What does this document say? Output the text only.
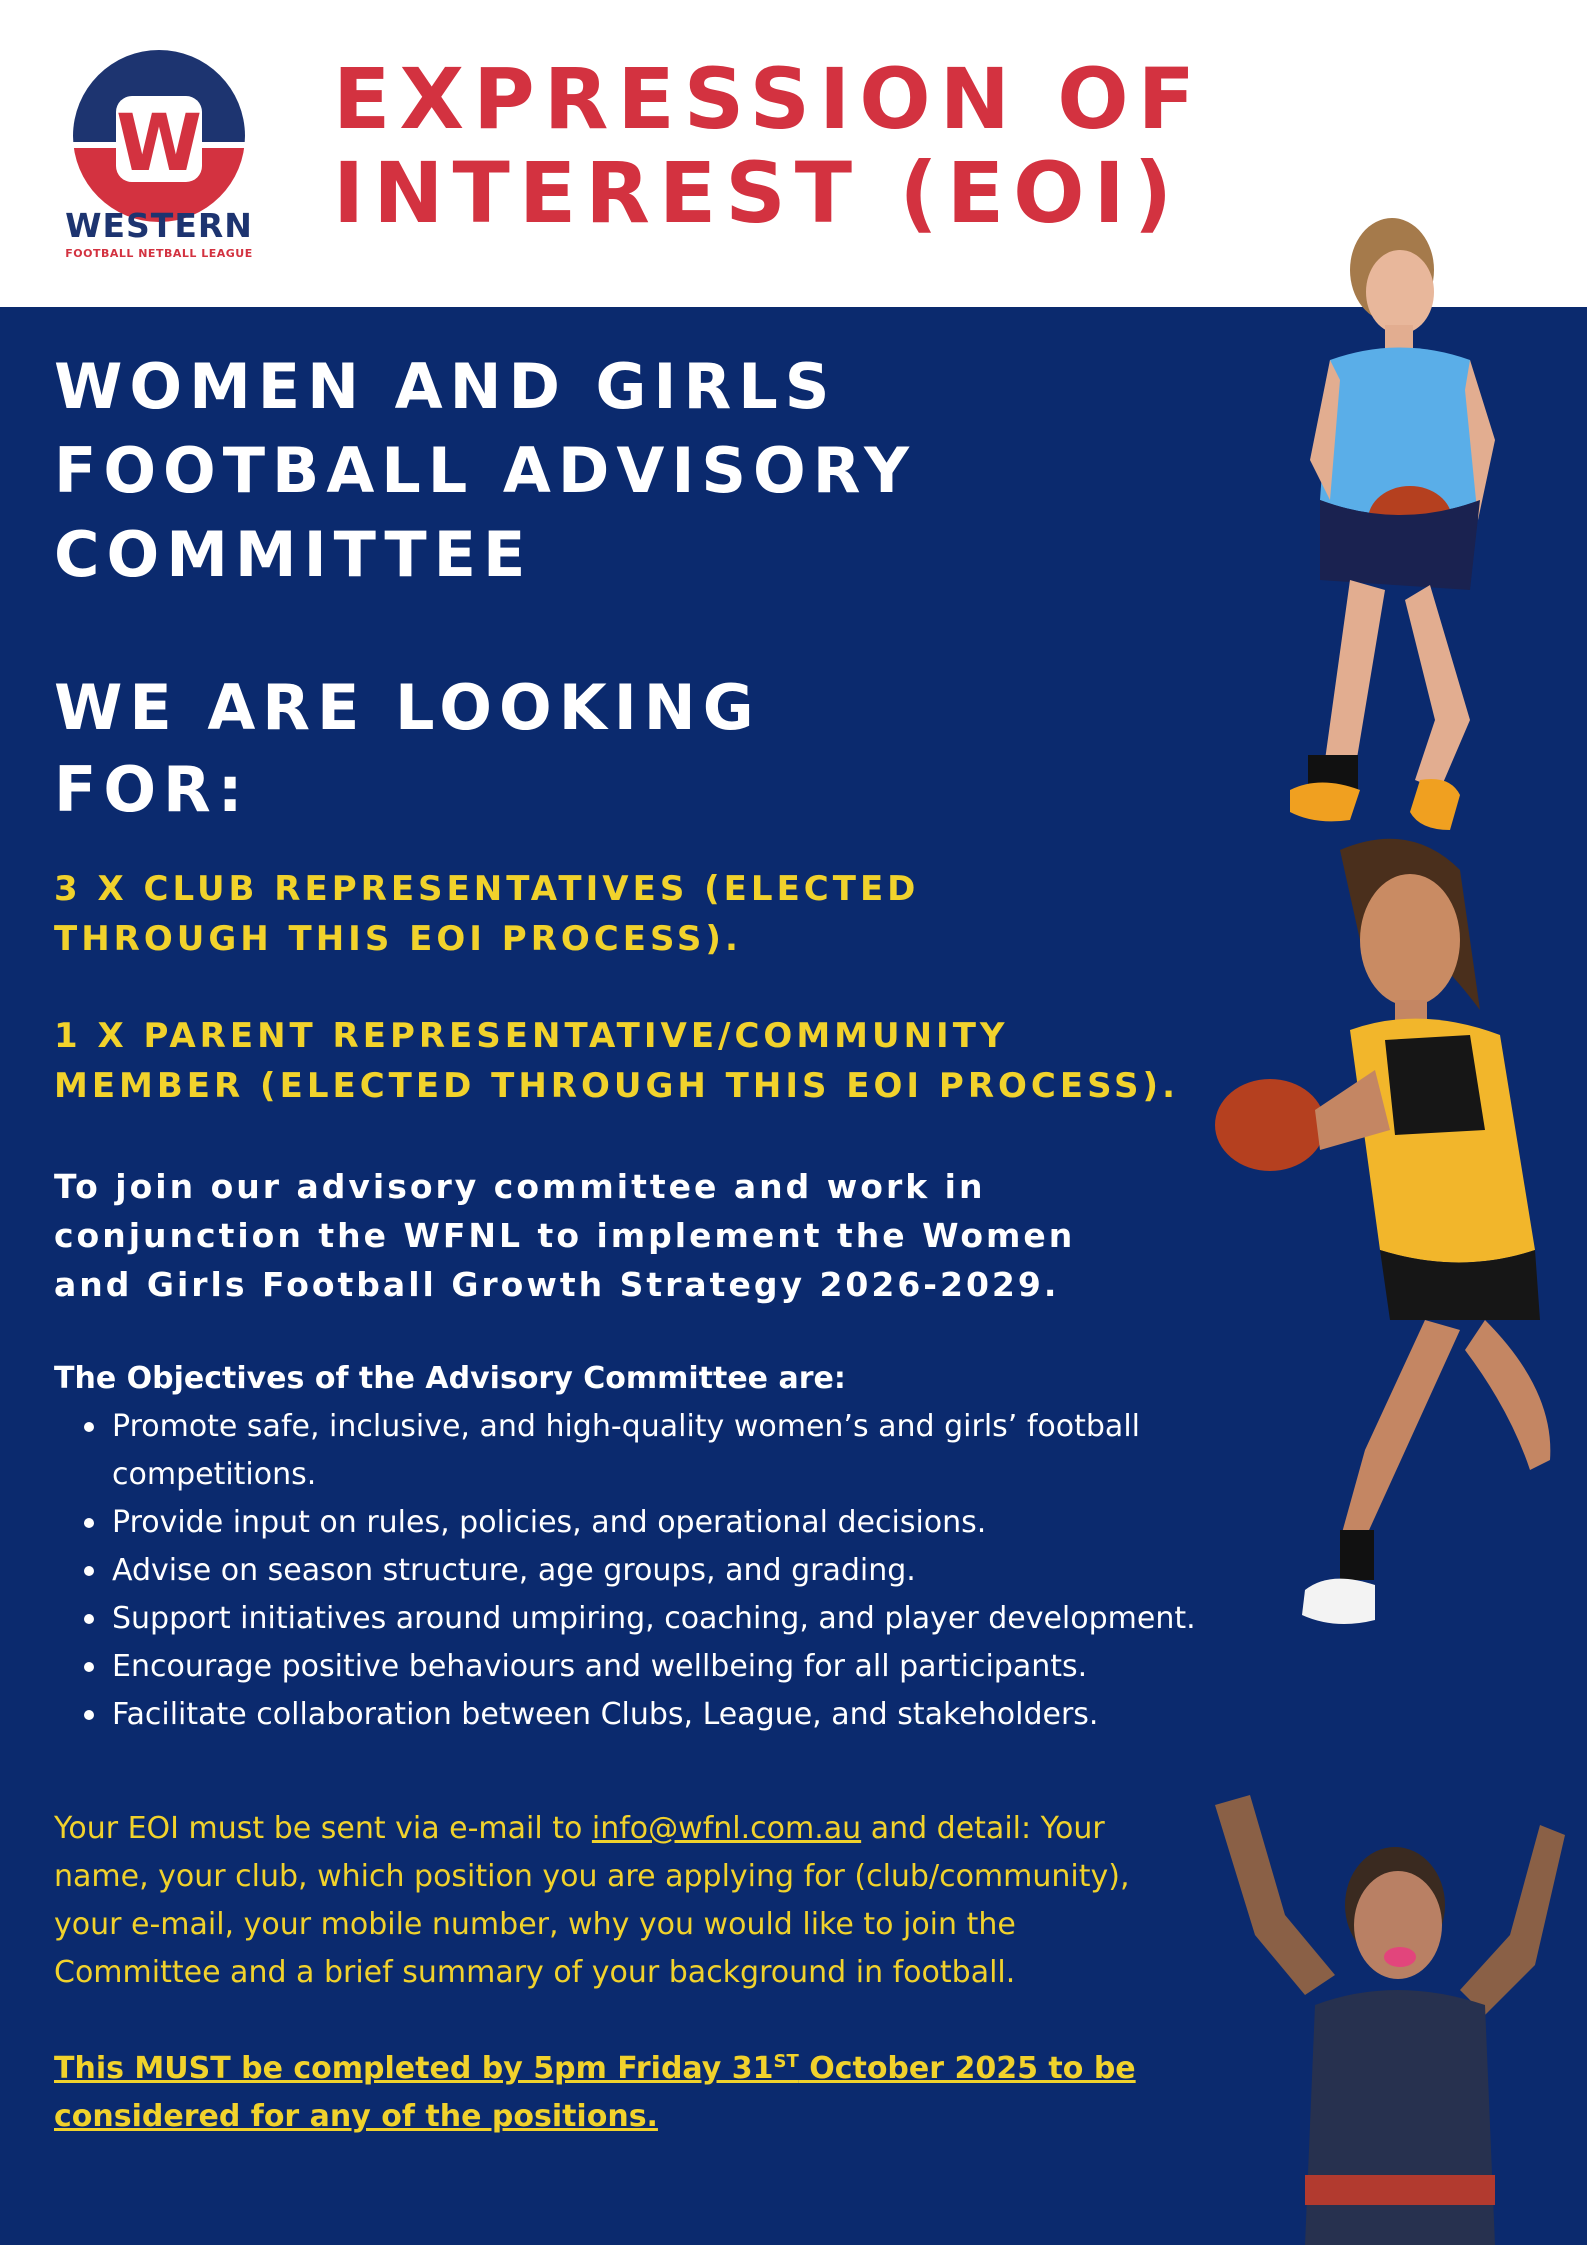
W
WESTERN
FOOTBALL NETBALL LEAGUE
EXPRESSION OF
INTEREST (EOI)
WOMEN AND GIRLS
FOOTBALL ADVISORY
COMMITTEE
WE ARE LOOKING
FOR:
3 X CLUB REPRESENTATIVES (ELECTED
THROUGH THIS EOI PROCESS).
1 X PARENT REPRESENTATIVE/COMMUNITY
MEMBER (ELECTED THROUGH THIS EOI PROCESS).
To join our advisory committee and work in
conjunction the WFNL to implement the Women
and Girls Football Growth Strategy 2026-2029.
The Objectives of the Advisory Committee are:
Promote safe, inclusive, and high-quality women’s and girls’ football competitions.
Provide input on rules, policies, and operational decisions.
Advise on season structure, age groups, and grading.
Support initiatives around umpiring, coaching, and player development.
Encourage positive behaviours and wellbeing for all participants.
Facilitate collaboration between Clubs, League, and stakeholders.
Your EOI must be sent via e-mail to info@wfnl.com.au and detail: Your name, your club, which position you are applying for (club/community), your e-mail, your mobile number, why you would like to join the Committee and a brief summary of your background in football.
This MUST be completed by 5pm Friday 31ST October 2025 to be considered for any of the positions.
